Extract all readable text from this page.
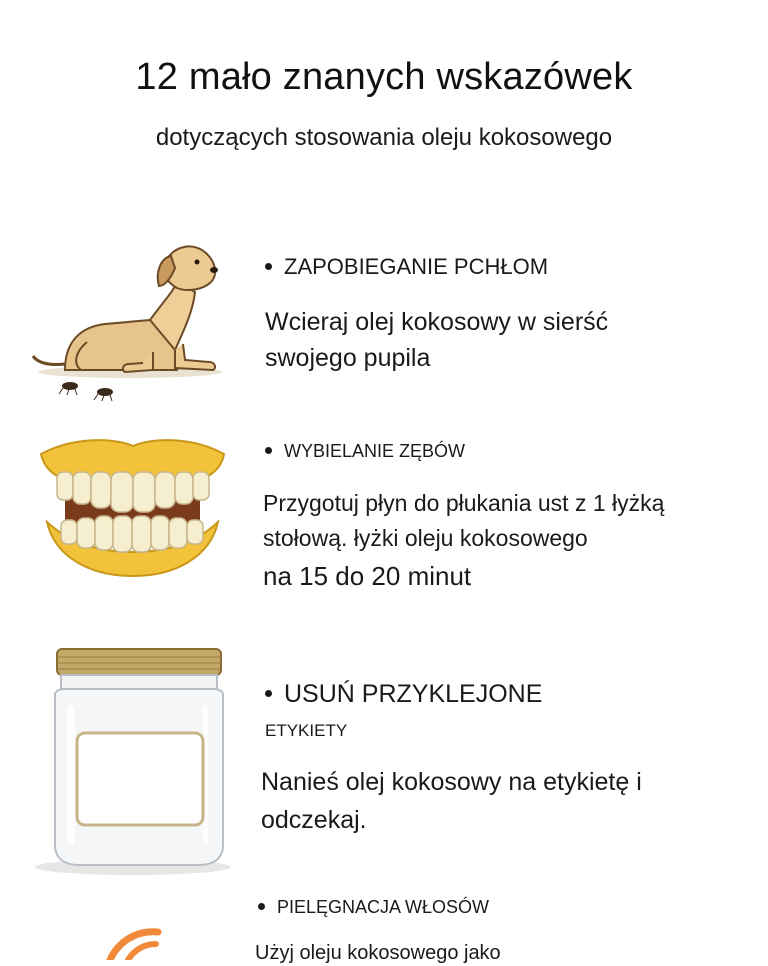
12 mało znanych wskazówek
dotyczących stosowania oleju kokosowego
ZAPOBIEGANIE PCHŁOM
Wcieraj olej kokosowy w sierść
swojego pupila
WYBIELANIE ZĘBÓW
Przygotuj płyn do płukania ust z 1 łyżką
stołową. łyżki oleju kokosowego
na 15 do 20 minut
USUŃ PRZYKLEJONE
ETYKIETY
Nanieś olej kokosowy na etykietę i
odczekaj.
PIELĘGNACJA WŁOSÓW
Użyj oleju kokosowego jako
